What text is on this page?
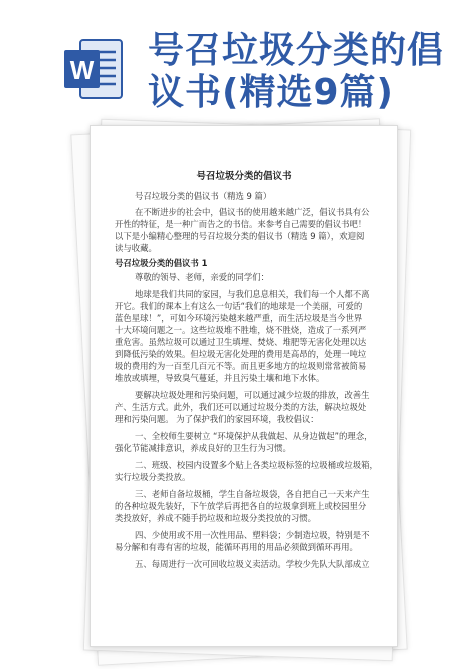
W 号召垃圾分类的倡
议书(精选9篇)
号召垃圾分类的倡议书
号召垃圾分类的倡议书（精选 9 篇）
在不断进步的社会中，倡议书的使用越来越广泛，倡议书具有公
开性的特征，是一种广而告之的书信。来参考自己需要的倡议书吧！
以下是小编精心整理的号召垃圾分类的倡议书（精选 9 篇），欢迎阅
读与收藏。
号召垃圾分类的倡议书 1
尊敬的领导、老师，亲爱的同学们：
地球是我们共同的家园，与我们息息相关，我们每一个人都不离
开它。我们的课本上有这么一句话“我们的地球是一个美丽，可爱的
蓝色星球！”，可如今环境污染越来越严重，而生活垃圾是当今世界
十大环境问题之一。这些垃圾堆不胜堆，烧不胜烧，造成了一系列严
重危害。虽然垃圾可以通过卫生填埋、焚烧、堆肥等无害化处理以达
到降低污染的效果。但垃圾无害化处理的费用是高昂的，处理一吨垃
圾的费用约为一百至几百元不等。而且更多地方的垃圾则常常被简易
堆放或填埋，导致臭气蔓延，并且污染土壤和地下水体。
要解决垃圾处理和污染问题，可以通过减少垃圾的排放，改善生
产、生活方式。此外，我们还可以通过垃圾分类的方法，解决垃圾处
理和污染问题。 为了保护我们的家园环境，我校倡议：
一、全校师生要树立 “环境保护从我做起、从身边做起”的理念，
强化节能减排意识，养成良好的卫生行为习惯。
二、班级、校园内设置多个贴上各类垃圾标签的垃圾桶或垃圾箱，
实行垃圾分类投放。
三、老师自备垃圾桶，学生自备垃圾袋，各自把自己一天来产生
的各种垃圾先装好，下午放学后再把各自的垃圾拿到班上或校园里分
类投放好，养成不随手扔垃圾和垃圾分类投放的习惯。
四、少使用或不用一次性用品、塑料袋；少制造垃圾，特别是不
易分解和有毒有害的垃圾，能循环再用的用品必须做到循环再用。
五、每周进行一次可回收垃圾义卖活动。学校少先队大队部成立
